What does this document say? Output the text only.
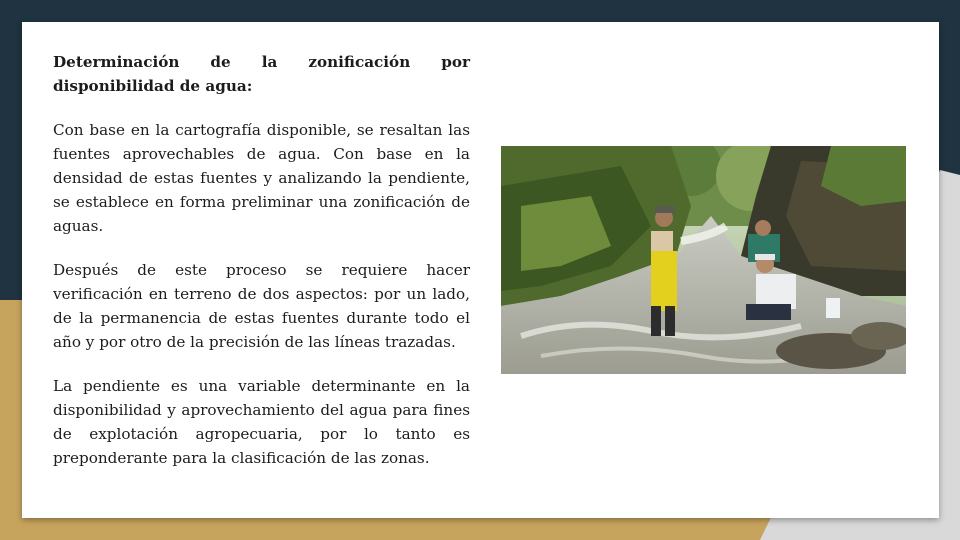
Determinación de la zonificación por disponibilidad de agua:

Con base en la cartografía disponible, se resaltan las fuentes aprovechables de agua. Con base en la densidad de estas fuentes y analizando la pendiente, se establece en forma preliminar una zonificación de aguas.

Después de este proceso se requiere hacer verificación en terreno de dos aspectos: por un lado, de la permanencia de estas fuentes durante todo el año y por otro de la precisión de las líneas trazadas.

La pendiente es una variable determinante en la disponibilidad y aprovechamiento del agua para fines de explotación agropecuaria, por lo tanto es preponderante para la clasificación de las zonas.
